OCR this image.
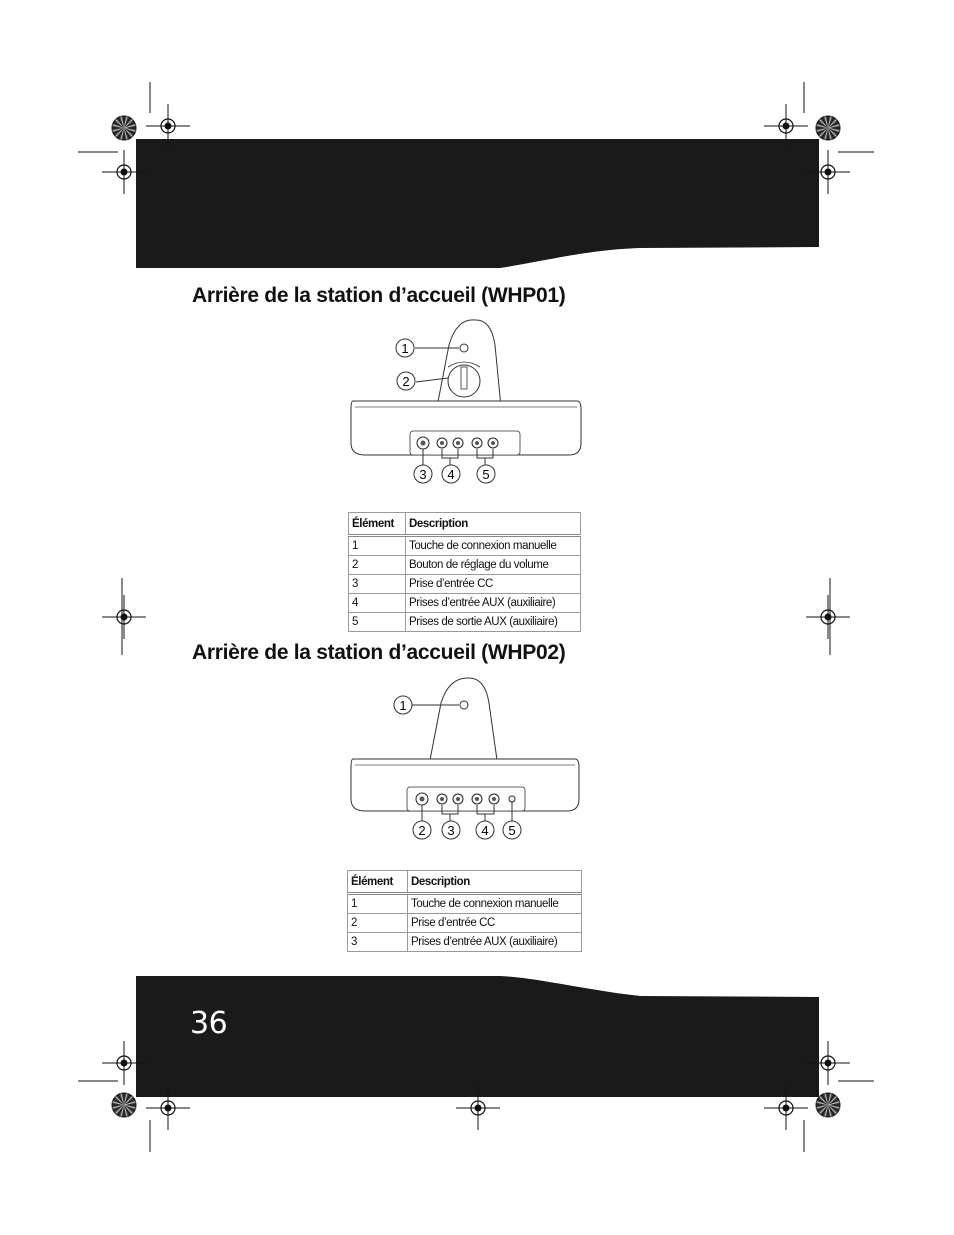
Arrière de la station d’accueil (WHP01)
1
2
3 4 5
Élément	Description
1	Touche de connexion manuelle
2	Bouton de réglage du volume
3	Prise d’entrée CC
4	Prises d’entrée AUX (auxiliaire)
5	Prises de sortie AUX (auxiliaire)
Arrière de la station d’accueil (WHP02)
1
2 3 4 5
Élément	Description
1	Touche de connexion manuelle
2	Prise d’entrée CC
3	Prises d’entrée AUX (auxiliaire)
36
